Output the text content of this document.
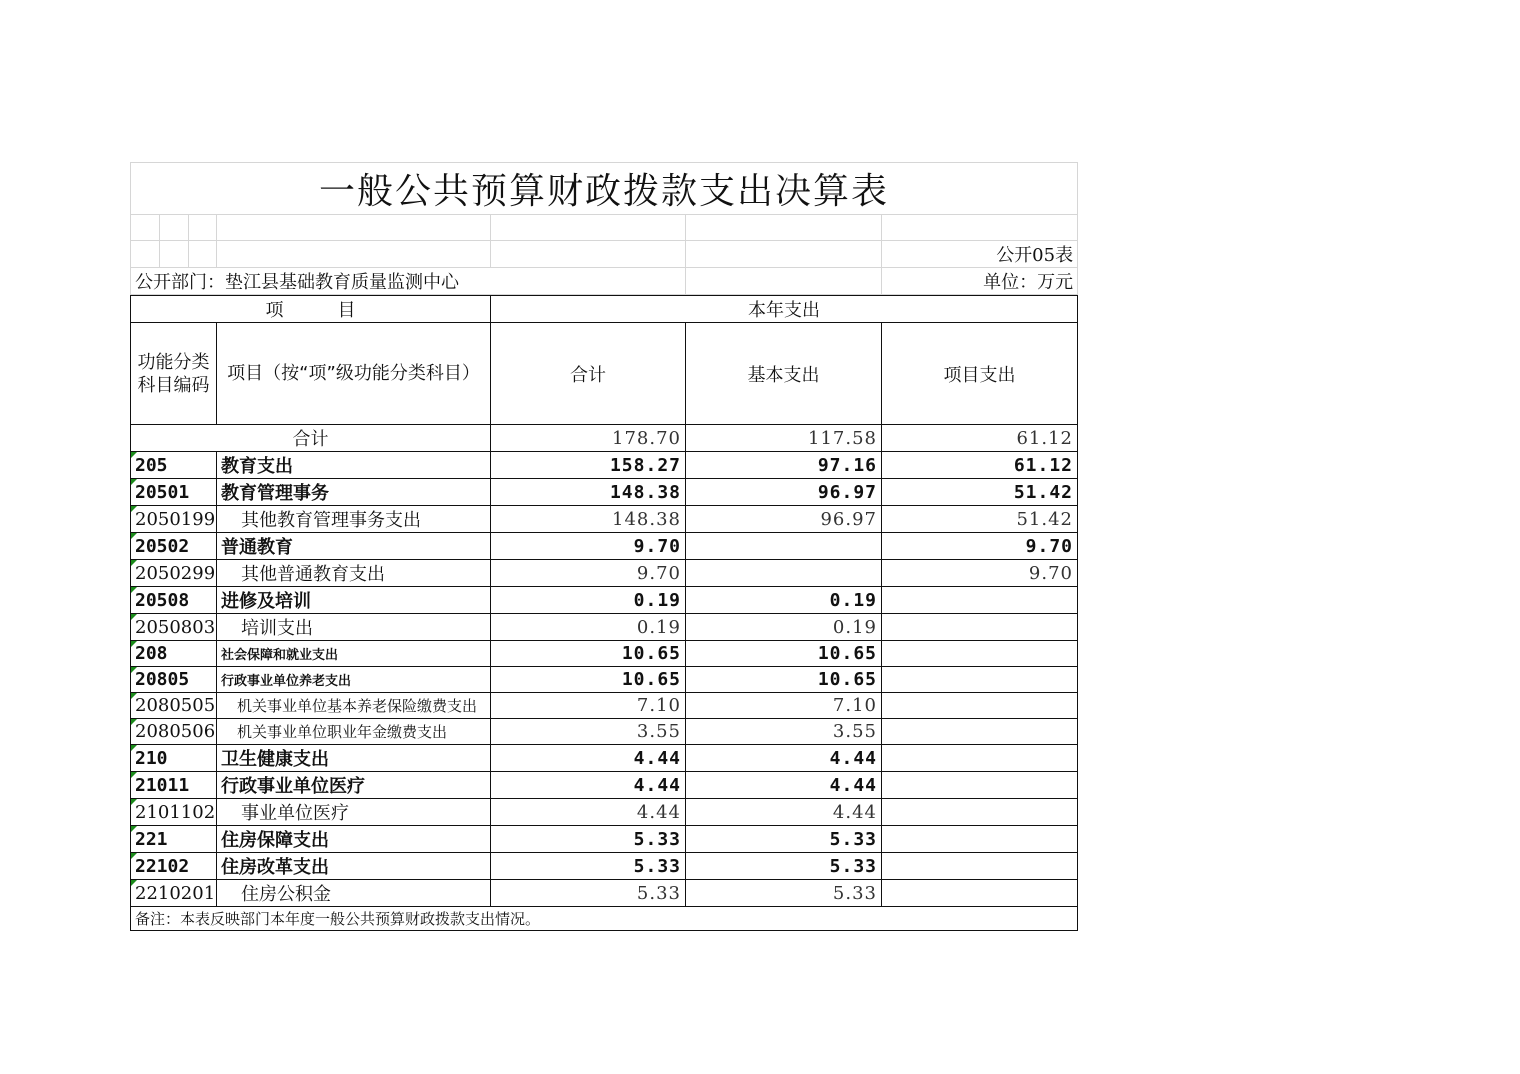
一般公共预算财政拨款支出决算表						

						公开05表
公开部门：垫江县基础教育质量监测中心						单位：万元
项　　　目		本年支出		
功能分类科目编码	项目（按“项”级功能分类科目）	合计	基本支出	项目支出
合计		178.70	117.58	61.12
205	教育支出	158.27	97.16	61.12
20501	教育管理事务	148.38	96.97	51.42
2050199	其他教育管理事务支出	148.38	96.97	51.42
20502	普通教育	9.70		9.70
2050299	其他普通教育支出	9.70		9.70
20508	进修及培训	0.19	0.19	
2050803	培训支出	0.19	0.19	
208	社会保障和就业支出	10.65	10.65	
20805	行政事业单位养老支出	10.65	10.65	
2080505	机关事业单位基本养老保险缴费支出	7.10	7.10	
2080506	机关事业单位职业年金缴费支出	3.55	3.55	
210	卫生健康支出	4.44	4.44	
21011	行政事业单位医疗	4.44	4.44	
2101102	事业单位医疗	4.44	4.44	
221	住房保障支出	5.33	5.33	
22102	住房改革支出	5.33	5.33	
2210201	住房公积金	5.33	5.33	
备注：本表反映部门本年度一般公共预算财政拨款支出情况。				
